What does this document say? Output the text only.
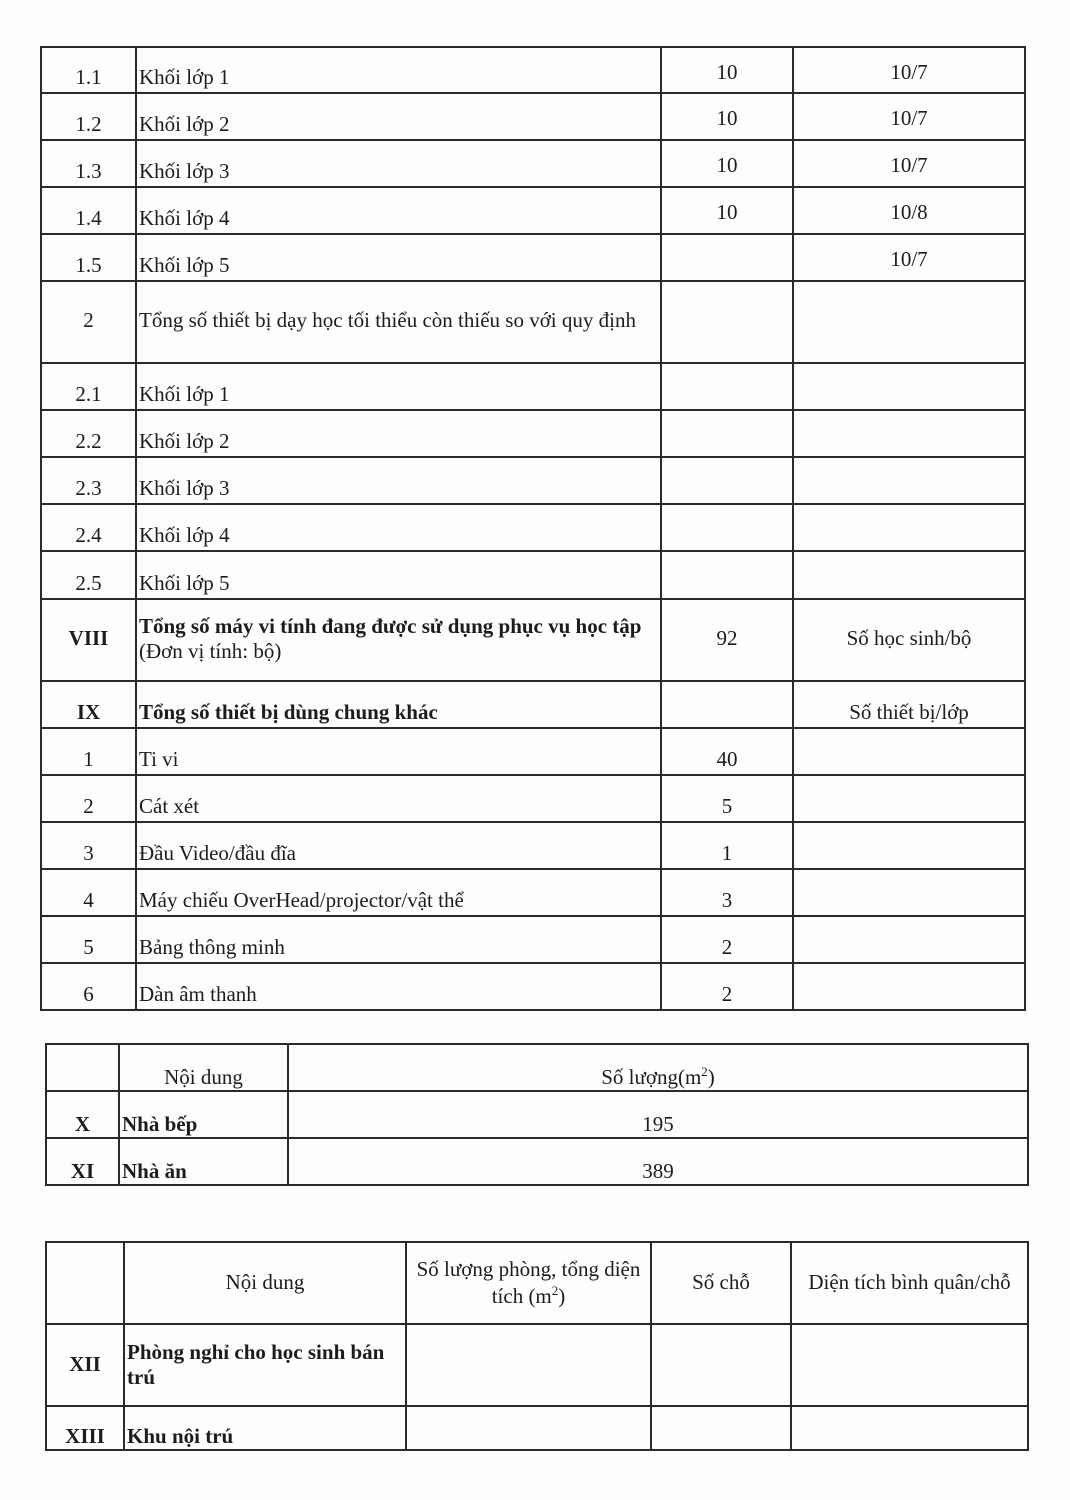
1.1	Khối lớp 1	10	10/7
1.2	Khối lớp 2	10	10/7
1.3	Khối lớp 3	10	10/7
1.4	Khối lớp 4	10	10/8
1.5	Khối lớp 5		10/7
2	Tổng số thiết bị dạy học tối thiểu còn thiếu so với quy định		
2.1	Khối lớp 1		
2.2	Khối lớp 2		
2.3	Khối lớp 3		
2.4	Khối lớp 4		
2.5	Khối lớp 5		
VIII	Tổng số máy vi tính đang được sử dụng phục vụ học tập (Đơn vị tính: bộ)	92	Số học sinh/bộ
IX	Tổng số thiết bị dùng chung khác		Số thiết bị/lớp
1	Ti vi	40	
2	Cát xét	5	
3	Đầu Video/đầu đĩa	1	
4	Máy chiếu OverHead/projector/vật thể	3	
5	Bảng thông minh	2	
6	Dàn âm thanh	2	
	Nội dung	Số $lượng(m^2)$
X	Nhà bếp	195
XI	Nhà ăn	389
	Nội dung	Số lượng phòng, tổng diện tích $(m^2)$	Số chỗ	Diện tích bình quân/chỗ
XII	Phòng nghỉ cho học sinh bán trú			
XIII	Khu nội trú			
